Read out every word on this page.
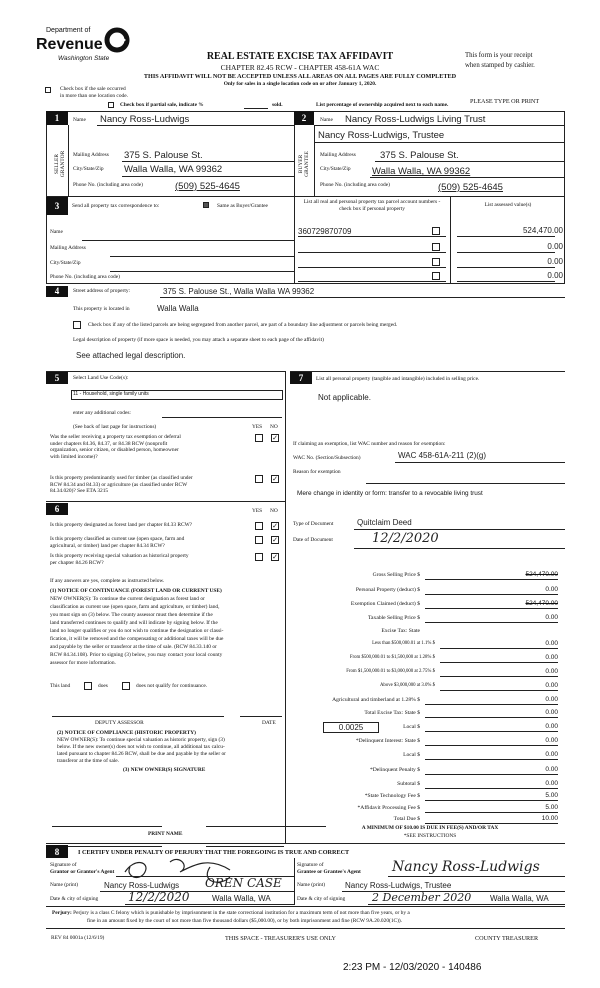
Department of
Revenue
Washington State	REAL ESTATE EXCISE TAX AFFIDAVIT
CHAPTER 82.45 RCW - CHAPTER 458-61A WAC
THIS AFFIDAVIT WILL NOT BE ACCEPTED UNLESS ALL AREAS ON ALL PAGES ARE FULLY COMPLETED
Only for sales in a single location code on or after January 1, 2020.
This form is your receipt
when stamped by cashier.
Check box if the sale occurred
in more than one location code.
PLEASE TYPE OR PRINT
Check box if partial sale, indicate %	sold.	List percentage of ownership acquired next to each name.
1
SELLER GRANTOR
Name Nancy Ross-Ludwigs
Mailing Address 375 S. Palouse St.
City/State/Zip Walla Walla, WA 99362
Phone No. (including area code)	(509) 525-4645
2
BUYER GRANTEE
Name Nancy Ross-Ludwigs Living Trust
Nancy Ross-Ludwigs, Trustee
Mailing Address	375 S. Palouse St.
City/State/Zip Walla Walla, WA 99362
Phone No. (including area code)	(509) 525-4645
3	Send all property tax correspondence to:	Same as Buyer/Grantee
List all real and personal property tax parcel account numbers - check box if personal property
List assessed value(s)
Name
Mailing Address
City/State/Zip
Phone No. (including area code)
360729870709	524,470.00
0.00
0.00
0.00
4	Street address of property:	375 S. Palouse St., Walla Walla WA 99362
This property is located in	Walla Walla
Check box if any of the listed parcels are being segregated from another parcel, are part of a boundary line adjustment or parcels being merged.
Legal description of property (if more space is needed, you may attach a separate sheet to each page of the affidavit)
See attached legal description.
5	Select Land Use Code(s):
11 - Household, single family units
enter any additional codes:
(See back of last page for instructions)	YES NO
Was the seller receiving a property tax exemption or deferral
under chapters 84.36, 84.37, or 84.38 RCW (nonprofit
organization, senior citizen, or disabled person, homeowner
with limited income)?
✓
Is this property predominantly used for timber (as classified under
RCW 84.34 and 84.33) or agriculture (as classified under RCW
84.34.020)? See ETA 3215
✓
6	YES NO
Is this property designated as forest land per chapter 84.33 RCW?	✓
Is this property classified as current use (open space, farm and
agricultural, or timber) land per chapter 84.34 RCW?
✓
Is this property receiving special valuation as historical property
per chapter 84.26 RCW?
✓
If any answers are yes, complete as instructed below.
(1) NOTICE OF CONTINUANCE (FOREST LAND OR CURRENT USE)
NEW OWNER(S): To continue the current designation as forest land or
classification as current use (open space, farm and agriculture, or timber) land,
you must sign on (3) below. The county assessor must then determine if the
land transferred continues to qualify and will indicate by signing below. If the
land no longer qualifies or you do not wish to continue the designation or classi-
fication, it will be removed and the compensating or additional taxes will be due
and payable by the seller or transferor at the time of sale. (RCW 84.33.140 or
RCW 84.34.108). Prior to signing (3) below, you may contact your local county
assessor for more information.
This land	does	does not qualify for continuance.
DEPUTY ASSESSOR	DATE
(2) NOTICE OF COMPLIANCE (HISTORIC PROPERTY)
NEW OWNER(S): To continue special valuation as historic property, sign (3)
below. If the new owner(s) does not wish to continue, all additional tax calcu-
lated pursuant to chapter 84.26 RCW, shall be due and payable by the seller or
transferor at the time of sale.
(3) NEW OWNER(S) SIGNATURE
PRINT NAME
7	List all personal property (tangible and intangible) included in selling price.
Not applicable.
If claiming an exemption, list WAC number and reason for exemption:
WAC No. (Section/Subsection)	WAC 458-61A-211 (2)(g)
Reason for exemption
Mere change in identity or form: transfer to a revocable living trust
Type of Document	Quitclaim Deed
Date of Document	12/2/2020
Gross Selling Price $	524,470.00
Personal Property (deduct) $	0.00
Exemption Claimed (deduct) $	524,470.00
Taxable Selling Price $	0.00
Excise Tax: State
Less than $500,000.01 at 1.1% $	0.00
From $500,000.01 to $1,500,000 at 1.28% $	0.00
From $1,500,000.01 to $3,000,000 at 2.75% $	0.00
Above $3,000,000 at 3.0% $	0.00
Agricultural and timberland at 1.28% $	0.00
Total Excise Tax: State $	0.00
Local $	0.00
0.0025
*Delinquent Interest: State $	0.00
Local $	0.00
*Delinquent Penalty $	0.00
Subtotal $	0.00
*State Technology Fee $	5.00
*Affidavit Processing Fee $	5.00
Total Due $	10.00
A MINIMUM OF $10.00 IS DUE IN FEE(S) AND/OR TAX
*SEE INSTRUCTIONS
8	I CERTIFY UNDER PENALTY OF PERJURY THAT THE FOREGOING IS TRUE AND CORRECT
Signature of
Grantor or Grantor's Agent
Name (print)	Nancy Ross-Ludwigs OREN CASE
Date & city of signing 12/2/2020	Walla Walla, WA
Signature of
Grantee or Grantee's Agent Nancy Ross-Ludwigs
Name (print)	Nancy Ross-Ludwigs, Trustee
Date & city of signing 2 December 2020 Walla Walla, WA
Perjury: Perjury is a class C felony which is punishable by imprisonment in the state correctional institution for a maximum term of not more than five years, or by a
fine in an amount fixed by the court of not more than five thousand dollars ($5,000.00), or by both imprisonment and fine (RCW 9A.20.020(1C)).
REV 84 0001a (12/6/19)	THIS SPACE - TREASURER'S USE ONLY	COUNTY TREASURER
2:23 PM - 12/03/2020 - 140486
